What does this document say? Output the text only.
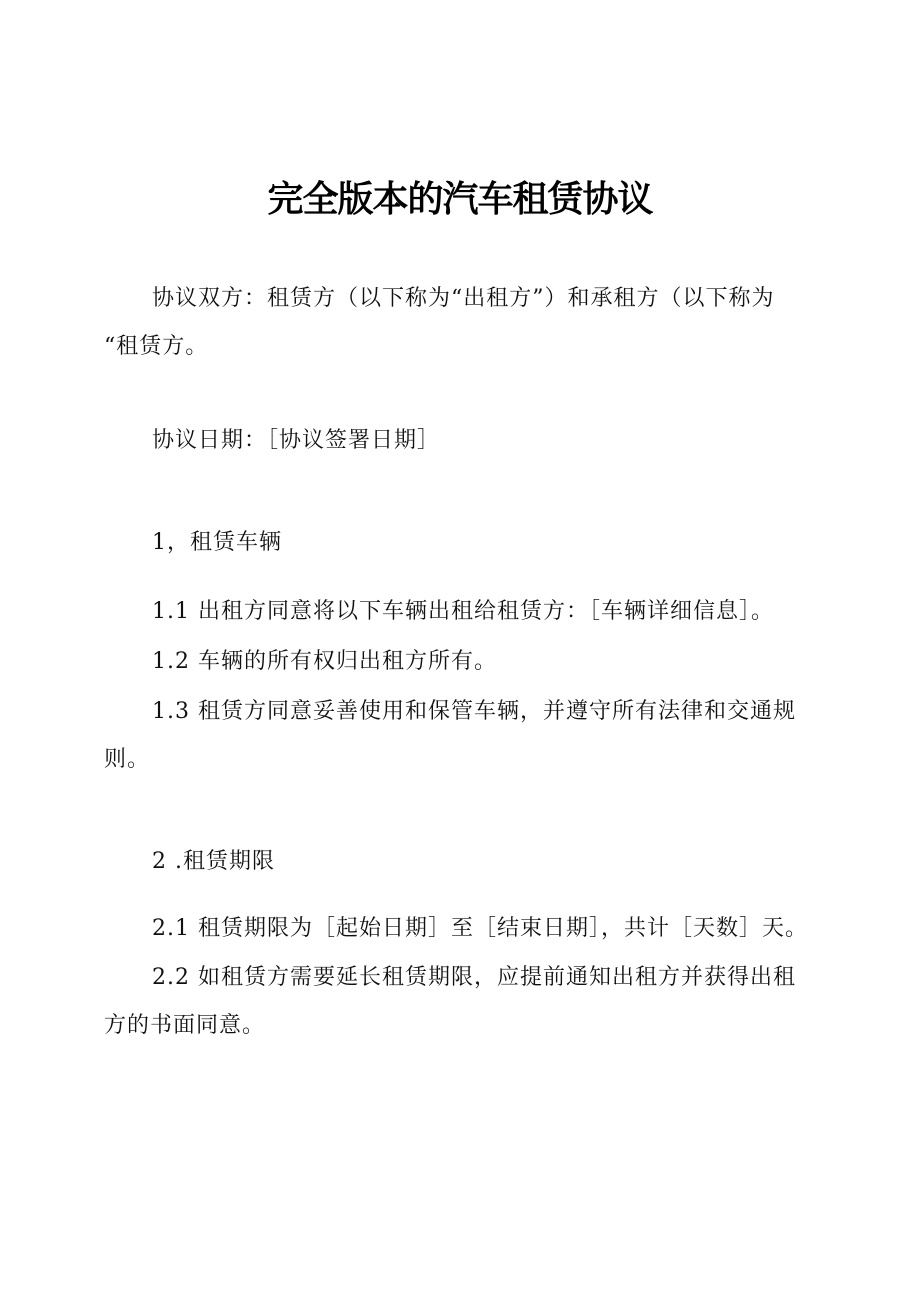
完全版本的汽车租赁协议
协议双方：租赁方（以下称为“出租方”）和承租方（以下称为
“租赁方。
协议日期：［协议签署日期］
1，租赁车辆
1.1 出租方同意将以下车辆出租给租赁方：［车辆详细信息］。
1.2 车辆的所有权归出租方所有。
1.3 租赁方同意妥善使用和保管车辆，并遵守所有法律和交通规
则。
2 .租赁期限
2.1 租赁期限为［起始日期］至［结束日期］，共计［天数］天。
2.2 如租赁方需要延长租赁期限，应提前通知出租方并获得出租
方的书面同意。
